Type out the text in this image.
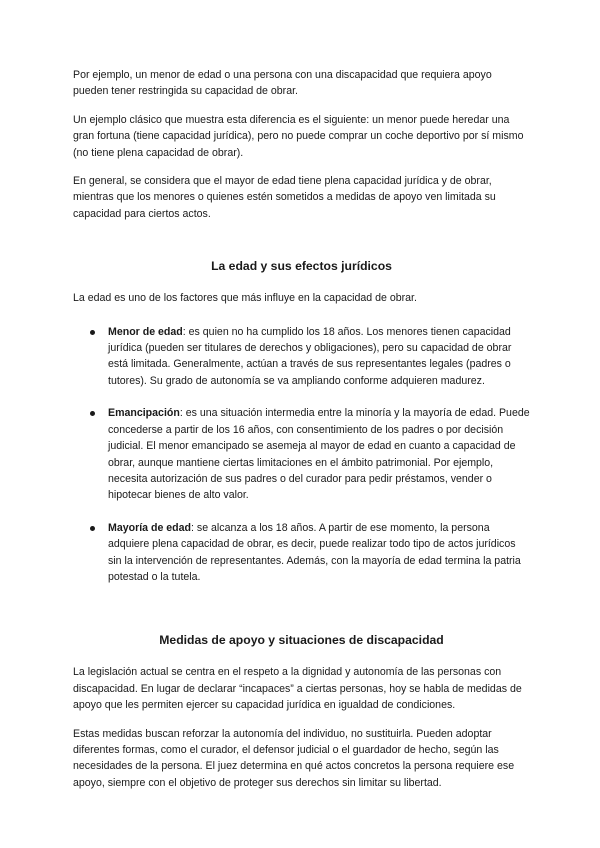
Por ejemplo, un menor de edad o una persona con una discapacidad que requiera apoyo pueden tener restringida su capacidad de obrar.

Un ejemplo clásico que muestra esta diferencia es el siguiente: un menor puede heredar una gran fortuna (tiene capacidad jurídica), pero no puede comprar un coche deportivo por sí mismo (no tiene plena capacidad de obrar).

En general, se considera que el mayor de edad tiene plena capacidad jurídica y de obrar, mientras que los menores o quienes estén sometidos a medidas de apoyo ven limitada su capacidad para ciertos actos.

La edad y sus efectos jurídicos

La edad es uno de los factores que más influye en la capacidad de obrar.

Menor de edad: es quien no ha cumplido los 18 años. Los menores tienen capacidad jurídica (pueden ser titulares de derechos y obligaciones), pero su capacidad de obrar está limitada. Generalmente, actúan a través de sus representantes legales (padres o tutores). Su grado de autonomía se va ampliando conforme adquieren madurez.
Emancipación: es una situación intermedia entre la minoría y la mayoría de edad. Puede concederse a partir de los 16 años, con consentimiento de los padres o por decisión judicial. El menor emancipado se asemeja al mayor de edad en cuanto a capacidad de obrar, aunque mantiene ciertas limitaciones en el ámbito patrimonial. Por ejemplo, necesita autorización de sus padres o del curador para pedir préstamos, vender o hipotecar bienes de alto valor.
Mayoría de edad: se alcanza a los 18 años. A partir de ese momento, la persona adquiere plena capacidad de obrar, es decir, puede realizar todo tipo de actos jurídicos sin la intervención de representantes. Además, con la mayoría de edad termina la patria potestad o la tutela.
Medidas de apoyo y situaciones de discapacidad

La legislación actual se centra en el respeto a la dignidad y autonomía de las personas con discapacidad. En lugar de declarar “incapaces” a ciertas personas, hoy se habla de medidas de apoyo que les permiten ejercer su capacidad jurídica en igualdad de condiciones.

Estas medidas buscan reforzar la autonomía del individuo, no sustituirla. Pueden adoptar diferentes formas, como el curador, el defensor judicial o el guardador de hecho, según las necesidades de la persona. El juez determina en qué actos concretos la persona requiere ese apoyo, siempre con el objetivo de proteger sus derechos sin limitar su libertad.
